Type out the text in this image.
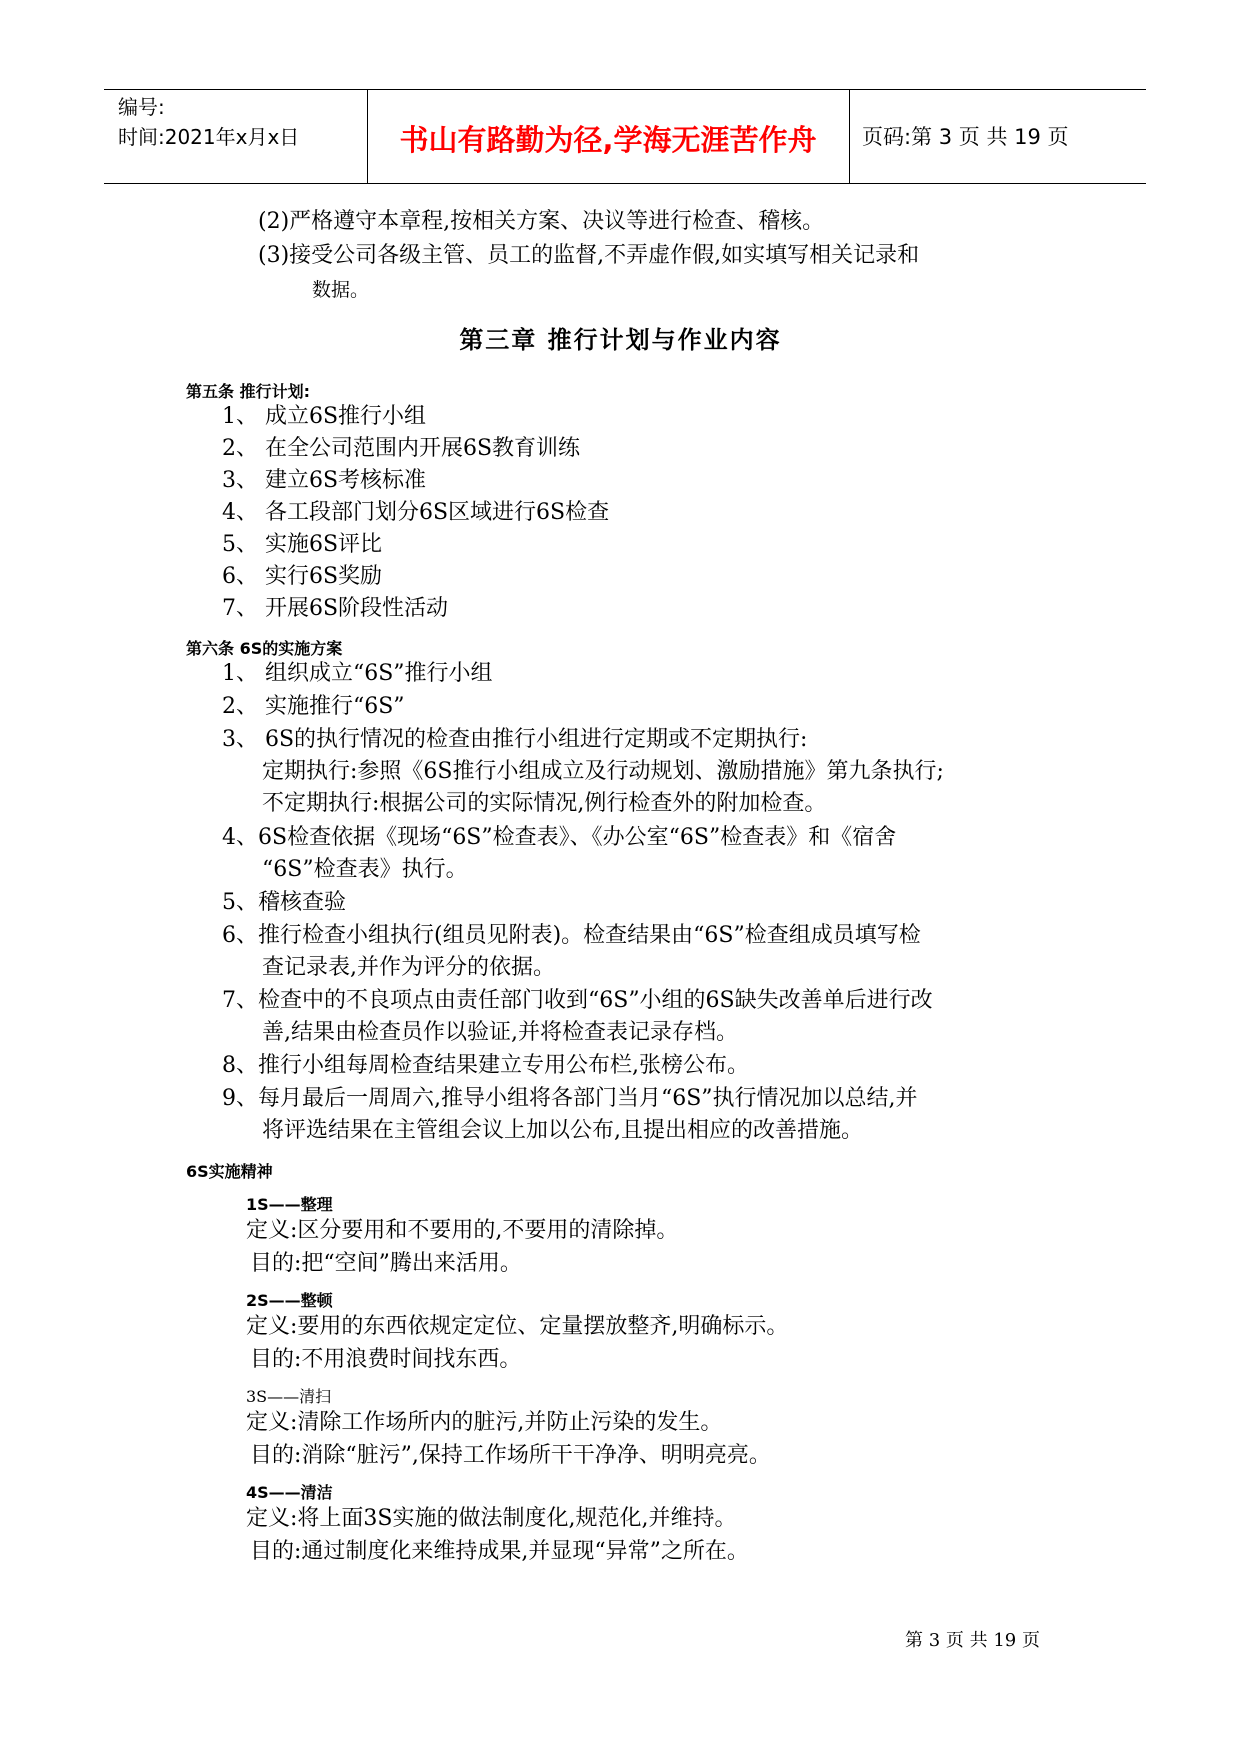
编号:
时间:2021年x月x日	书山有路勤为径,学海无涯苦作舟	页码:第 3 页 共 19 页
(2)严格遵守本章程,按相关方案、决议等进行检查、稽核。
(3)接受公司各级主管、员工的监督,不弄虚作假,如实填写相关记录和
数据。
第三章 推行计划与作业内容
第五条 推行计划:
1、 成立6S推行小组
2、 在全公司范围内开展6S教育训练
3、 建立6S考核标准
4、 各工段部门划分6S区域进行6S检查
5、 实施6S评比
6、 实行6S奖励
7、 开展6S阶段性活动
第六条 6S的实施方案
1、 组织成立“6S”推行小组
2、 实施推行“6S”
3、 6S的执行情况的检查由推行小组进行定期或不定期执行:
定期执行:参照《6S推行小组成立及行动规划、激励措施》第九条执行;
不定期执行:根据公司的实际情况,例行检查外的附加检查。
4、6S检查依据《现场“6S”检查表》、《办公室“6S”检查表》和《宿舍
“6S”检查表》执行。
5、稽核查验
6、推行检查小组执行(组员见附表)。检查结果由“6S”检查组成员填写检
查记录表,并作为评分的依据。
7、检查中的不良项点由责任部门收到“6S”小组的6S缺失改善单后进行改
善,结果由检查员作以验证,并将检查表记录存档。
8、推行小组每周检查结果建立专用公布栏,张榜公布。
9、每月最后一周周六,推导小组将各部门当月“6S”执行情况加以总结,并
将评选结果在主管组会议上加以公布,且提出相应的改善措施。
6S实施精神
1S——整理
定义:区分要用和不要用的,不要用的清除掉。
目的:把“空间”腾出来活用。
2S——整顿
定义:要用的东西依规定定位、定量摆放整齐,明确标示。
目的:不用浪费时间找东西。
3S——清扫
定义:清除工作场所内的脏污,并防止污染的发生。
目的:消除“脏污”,保持工作场所干干净净、明明亮亮。
4S——清洁
定义:将上面3S实施的做法制度化,规范化,并维持。
目的:通过制度化来维持成果,并显现“异常”之所在。
第 3 页 共 19 页
